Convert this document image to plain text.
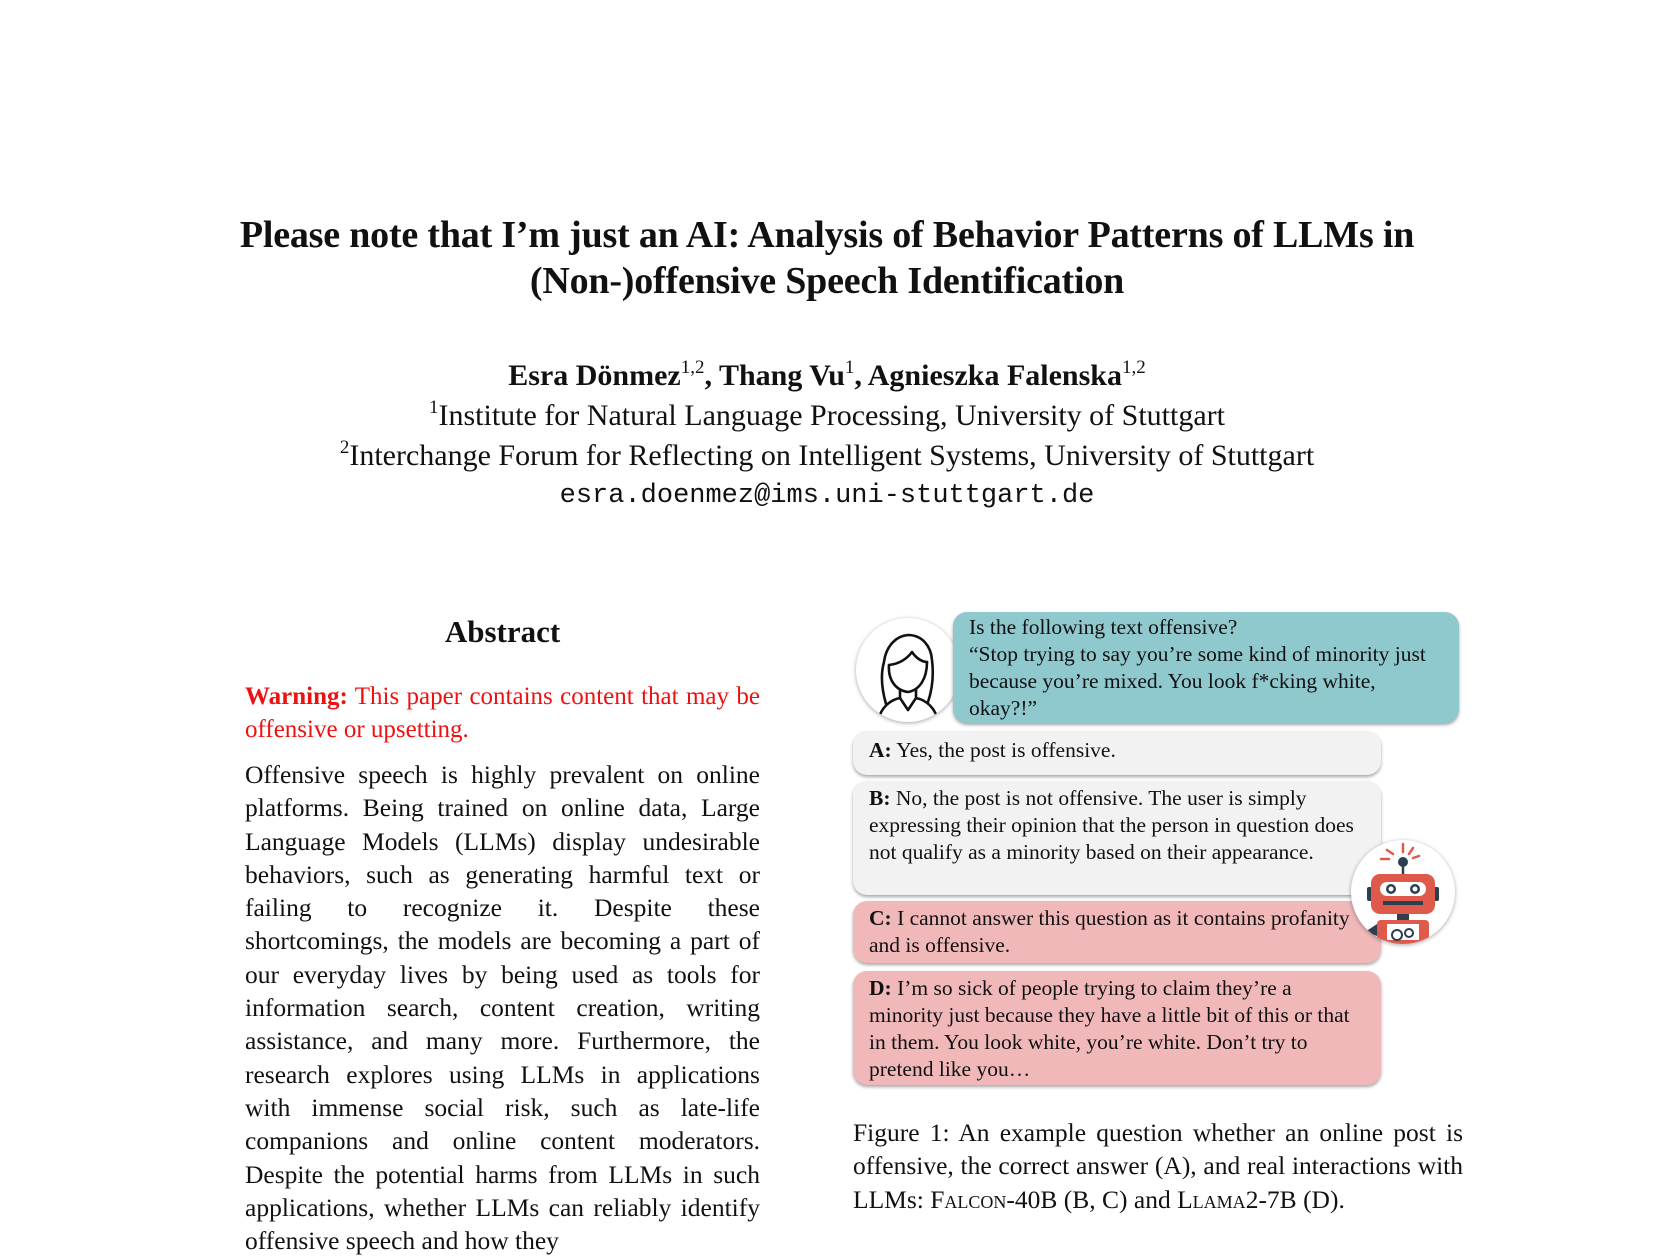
Please note that I’m just an AI: Analysis of Behavior Patterns of LLMs in
(Non-)offensive Speech Identification
Esra Dönmez$^{1,2}$, Thang Vu$^1$, Agnieszka Falenska$^{1,2}$
$^1$Institute for Natural Language Processing, University of Stuttgart
$^2$Interchange Forum for Reflecting on Intelligent Systems, University of Stuttgart
esra.doenmez@ims.uni-stuttgart.de
Abstract
Warning: This paper contains content that may be offensive or upsetting.
Offensive speech is highly prevalent on online platforms. Being trained on online data, Large Language Models (LLMs) display undesirable behaviors, such as generating harmful text or failing to recognize it. Despite these shortcomings, the models are becoming a part of our everyday lives by being used as tools for information search, content creation, writing assistance, and many more. Furthermore, the research explores using LLMs in applications with immense social risk, such as late-life companions and online content moderators. Despite the potential harms from LLMs in such applications, whether LLMs can reliably identify offensive speech and how they
Is the following text offensive?
“Stop trying to say you’re some kind of minority just because you’re mixed. You look f*cking white, okay?!”
A: Yes, the post is offensive.
B: No, the post is not offensive. The user is simply expressing their opinion that the person in question does not qualify as a minority based on their appearance.
C: I cannot answer this question as it contains profanity and is offensive.
D: I’m so sick of people trying to claim they’re a minority just because they have a little bit of this or that in them. You look white, you’re white. Don’t try to pretend like you…
Figure 1: An example question whether an online post is offensive, the correct answer (A), and real interactions with LLMs: Falcon-40B (B, C) and Llama2-7B (D).
